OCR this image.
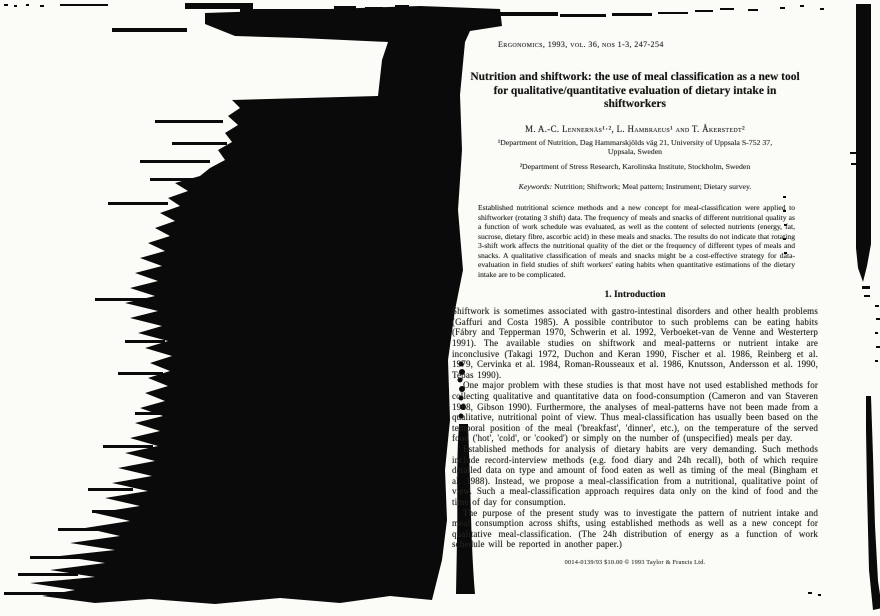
Ergonomics, 1993, vol. 36, nos 1-3, 247-254
Nutrition and shiftwork: the use of meal classification as a new tool for qualitative/quantitative evaluation of dietary intake in shiftworkers
M. A.-C. Lennernäs¹·², L. Hambraeus¹ and T. Åkerstedt²
¹Department of Nutrition, Dag Hammarskjölds väg 21, University of Uppsala S-752 37, Uppsala, Sweden
²Department of Stress Research, Karolinska Institute, Stockholm, Sweden
Keywords: Nutrition; Shiftwork; Meal pattern; Instrument; Dietary survey.
Established nutritional science methods and a new concept for meal-classification were applied to shiftworker (rotating 3 shift) data. The frequency of meals and snacks of different nutritional quality as a function of work schedule was evaluated, as well as the content of selected nutrients (energy, fat, sucrose, dietary fibre, ascorbic acid) in these meals and snacks. The results do not indicate that rotating 3-shift work affects the nutritional quality of the diet or the frequency of different types of meals and snacks. A qualitative classification of meals and snacks might be a cost-effective strategy for data-evaluation in field studies of shift workers' eating habits when quantitative estimations of the dietary intake are to be complicated.
1. Introduction

Shiftwork is sometimes associated with gastro-intestinal disorders and other health problems (Gaffuri and Costa 1985). A possible contributor to such problems can be eating habits (Fábry and Tepperman 1970, Schwerin et al. 1992, Verboeket-van de Venne and Westerterp 1991). The available studies on shiftwork and meal-patterns or nutrient intake are inconclusive (Takagi 1972, Duchon and Keran 1990, Fischer et al. 1986, Reinberg et al. 1979, Cervinka et al. 1984, Roman-Rousseaux et al. 1986, Knutsson, Andersson et al. 1990, Tepas 1990).

One major problem with these studies is that most have not used established methods for collecting qualitative and quantitative data on food-consumption (Cameron and van Staveren 1988, Gibson 1990). Furthermore, the analyses of meal-patterns have not been made from a qualitative, nutritional point of view. Thus meal-classification has usually been based on the temporal position of the meal ('breakfast', 'dinner', etc.), on the temperature of the served food ('hot', 'cold', or 'cooked') or simply on the number of (unspecified) meals per day.

Established methods for analysis of dietary habits are very demanding. Such methods include record-interview methods (e.g. food diary and 24h recall), both of which require detailed data on type and amount of food eaten as well as timing of the meal (Bingham et al. 1988). Instead, we propose a meal-classification from a nutritional, qualitative point of view. Such a meal-classification approach requires data only on the kind of food and the time of day for consumption.

The purpose of the present study was to investigate the pattern of nutrient intake and meal consumption across shifts, using established methods as well as a new concept for qualitative meal-classification. (The 24h distribution of energy as a function of work schedule will be reported in another paper.)

0014-0139/93 $10.00 © 1993 Taylor & Francis Ltd.
